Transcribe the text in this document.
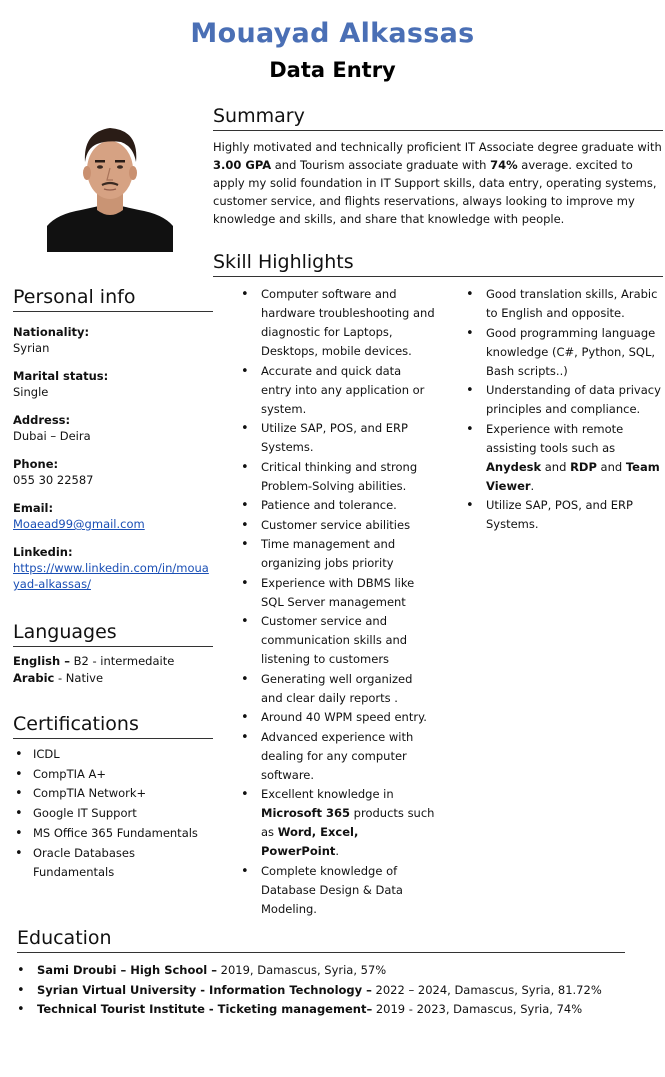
Mouayad Alkassas
Data Entry
Summary

Highly motivated and technically proficient IT Associate degree graduate with 3.00 GPA and Tourism associate graduate with 74% average. excited to apply my solid foundation in IT Support skills, data entry, operating systems, customer service, and flights reservations, always looking to improve my knowledge and skills, and share that knowledge with people.

Skill Highlights
• Computer software and hardware troubleshooting and diagnostic for Laptops, Desktops, mobile devices.
• Accurate and quick data entry into any application or system.
• Utilize SAP, POS, and ERP Systems.
• Critical thinking and strong Problem-Solving abilities.
• Patience and tolerance.
• Customer service abilities
• Time management and organizing jobs priority
• Experience with DBMS like SQL Server management
• Customer service and communication skills and listening to customers
• Generating well organized and clear daily reports .
• Around 40 WPM speed entry.
• Advanced experience with dealing for any computer software.
• Excellent knowledge in Microsoft 365 products such as Word, Excel, PowerPoint.
• Complete knowledge of Database Design & Data Modeling.
• Good translation skills, Arabic to English and opposite.
• Good programming language knowledge (C#, Python, SQL, Bash scripts..)
• Understanding of data privacy principles and compliance.
• Experience with remote assisting tools such as Anydesk and RDP and Team Viewer.
• Utilize SAP, POS, and ERP Systems.
Personal info
Nationality:
Syrian
Marital status:
Single
Address:
Dubai – Deira
Phone:
055 30 22587
Email:
Moaead99@gmail.com
Linkedin:
https://www.linkedin.com/in/moua
yad-alkassas/
Languages
English – B2 - intermedaite
Arabic - Native
Certifications
• ICDL
• CompTIA A+
• CompTIA Network+
• Google IT Support
• MS Office 365 Fundamentals
• Oracle Databases Fundamentals
Education
• Sami Droubi – High School – 2019, Damascus, Syria, 57%
• Syrian Virtual University - Information Technology – 2022 – 2024, Damascus, Syria, 81.72%
• Technical Tourist Institute - Ticketing management– 2019 - 2023, Damascus, Syria, 74%
